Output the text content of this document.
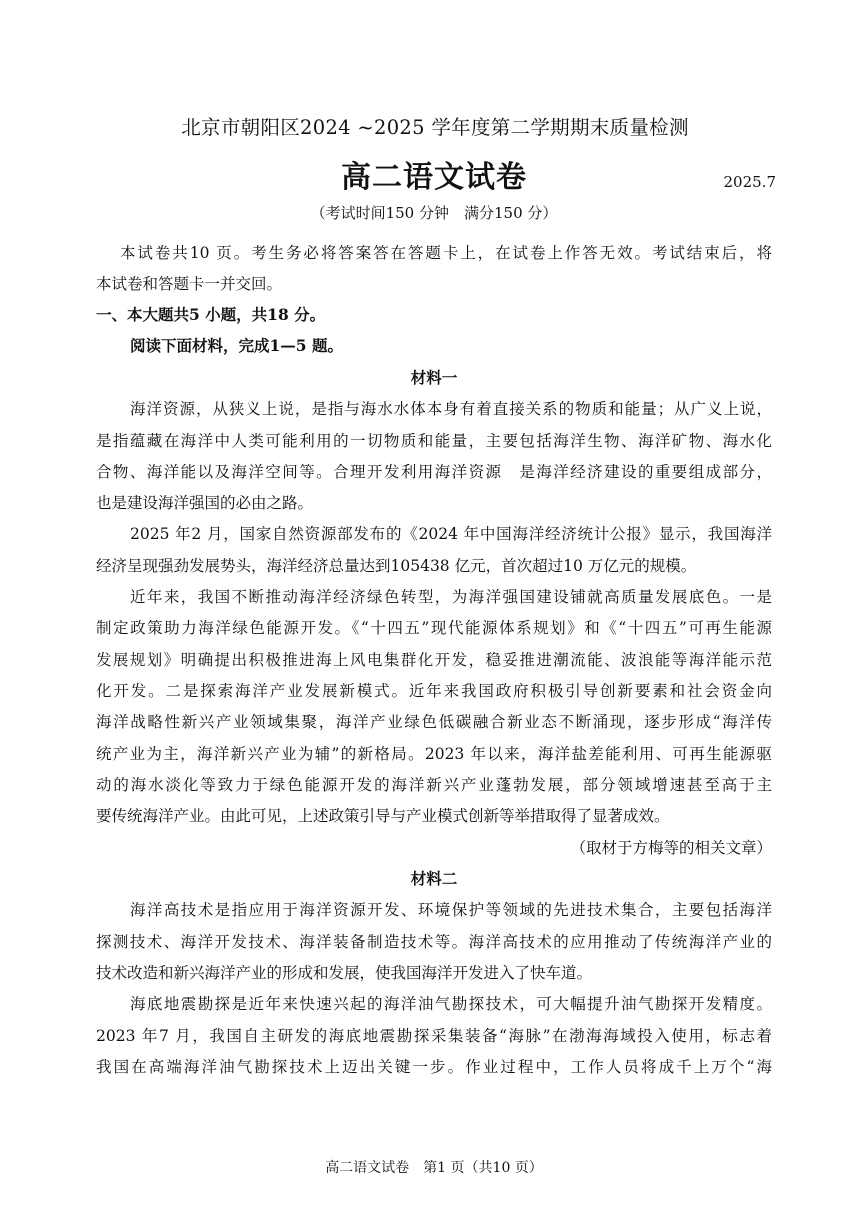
北京市朝阳区2024 ~2025 学年度第二学期期末质量检测
高二语文试卷	2025.7
（考试时间150 分钟　满分150 分）
本试卷共10 页。考生务必将答案答在答题卡上，在试卷上作答无效。考试结束后，将
本试卷和答题卡一并交回。
一、本大题共5 小题，共18 分。
阅读下面材料，完成1—5 题。
材料一
海洋资源，从狭义上说，是指与海水水体本身有着直接关系的物质和能量；从广义上说，
是指蕴藏在海洋中人类可能利用的一切物质和能量，主要包括海洋生物、海洋矿物、海水化
合物、海洋能以及海洋空间等。合理开发利用海洋资源　是海洋经济建设的重要组成部分，
也是建设海洋强国的必由之路。
2025 年2 月，国家自然资源部发布的《2024 年中国海洋经济统计公报》显示，我国海洋
经济呈现强劲发展势头，海洋经济总量达到105438 亿元，首次超过10 万亿元的规模。
近年来，我国不断推动海洋经济绿色转型，为海洋强国建设铺就高质量发展底色。一是
制定政策助力海洋绿色能源开发。《“十四五”现代能源体系规划》和《“十四五”可再生能源
发展规划》明确提出积极推进海上风电集群化开发，稳妥推进潮流能、波浪能等海洋能示范
化开发。二是探索海洋产业发展新模式。近年来我国政府积极引导创新要素和社会资金向
海洋战略性新兴产业领域集聚，海洋产业绿色低碳融合新业态不断涌现，逐步形成“海洋传
统产业为主，海洋新兴产业为辅”的新格局。2023 年以来，海洋盐差能利用、可再生能源驱
动的海水淡化等致力于绿色能源开发的海洋新兴产业蓬勃发展，部分领域增速甚至高于主
要传统海洋产业。由此可见，上述政策引导与产业模式创新等举措取得了显著成效。
（取材于方梅等的相关文章）
材料二
海洋高技术是指应用于海洋资源开发、环境保护等领域的先进技术集合，主要包括海洋
探测技术、海洋开发技术、海洋装备制造技术等。海洋高技术的应用推动了传统海洋产业的
技术改造和新兴海洋产业的形成和发展，使我国海洋开发进入了快车道。
海底地震勘探是近年来快速兴起的海洋油气勘探技术，可大幅提升油气勘探开发精度。
2023 年7 月，我国自主研发的海底地震勘探采集装备“海脉”在渤海海域投入使用，标志着
我国在高端海洋油气勘探技术上迈出关键一步。作业过程中，工作人员将成千上万个“海
高二语文试卷　第1 页（共10 页）
